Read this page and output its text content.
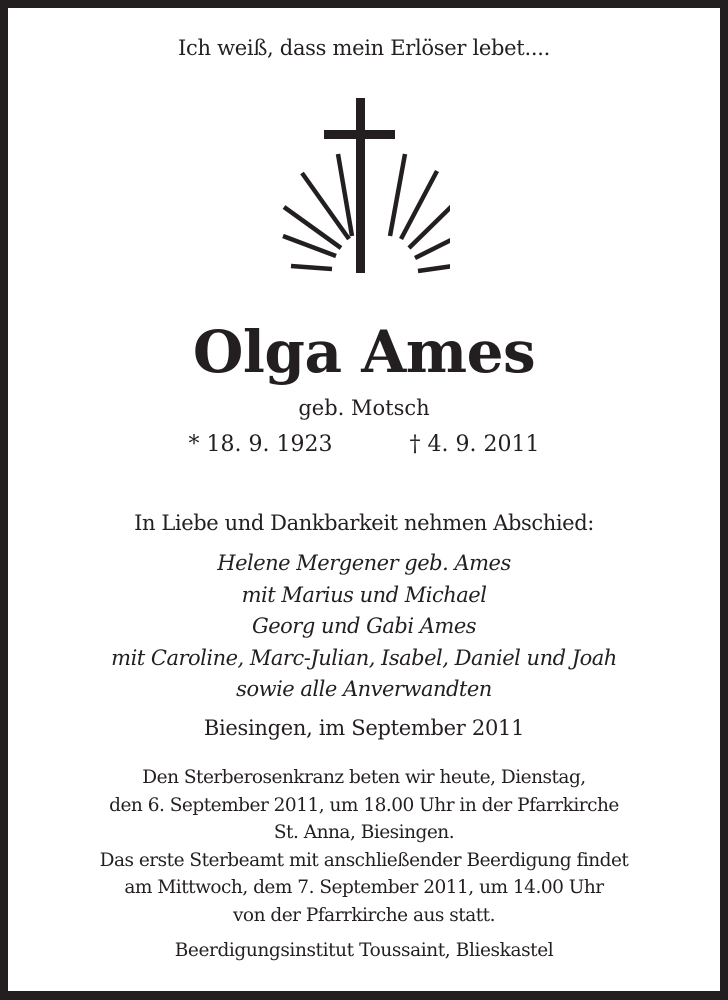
Ich weiß, dass mein Erlöser lebet....
Olga Ames
geb. Motsch
* 18. 9. 1923	† 4. 9. 2011
In Liebe und Dankbarkeit nehmen Abschied:
Helene Mergener geb. Ames
mit Marius und Michael
Georg und Gabi Ames
mit Caroline, Marc-Julian, Isabel, Daniel und Joah
sowie alle Anverwandten
Biesingen, im September 2011
Den Sterberosenkranz beten wir heute, Dienstag,
den 6. September 2011, um 18.00 Uhr in der Pfarrkirche
St. Anna, Biesingen.
Das erste Sterbeamt mit anschließender Beerdigung findet
am Mittwoch, dem 7. September 2011, um 14.00 Uhr
von der Pfarrkirche aus statt.
Beerdigungsinstitut Toussaint, Blieskastel
